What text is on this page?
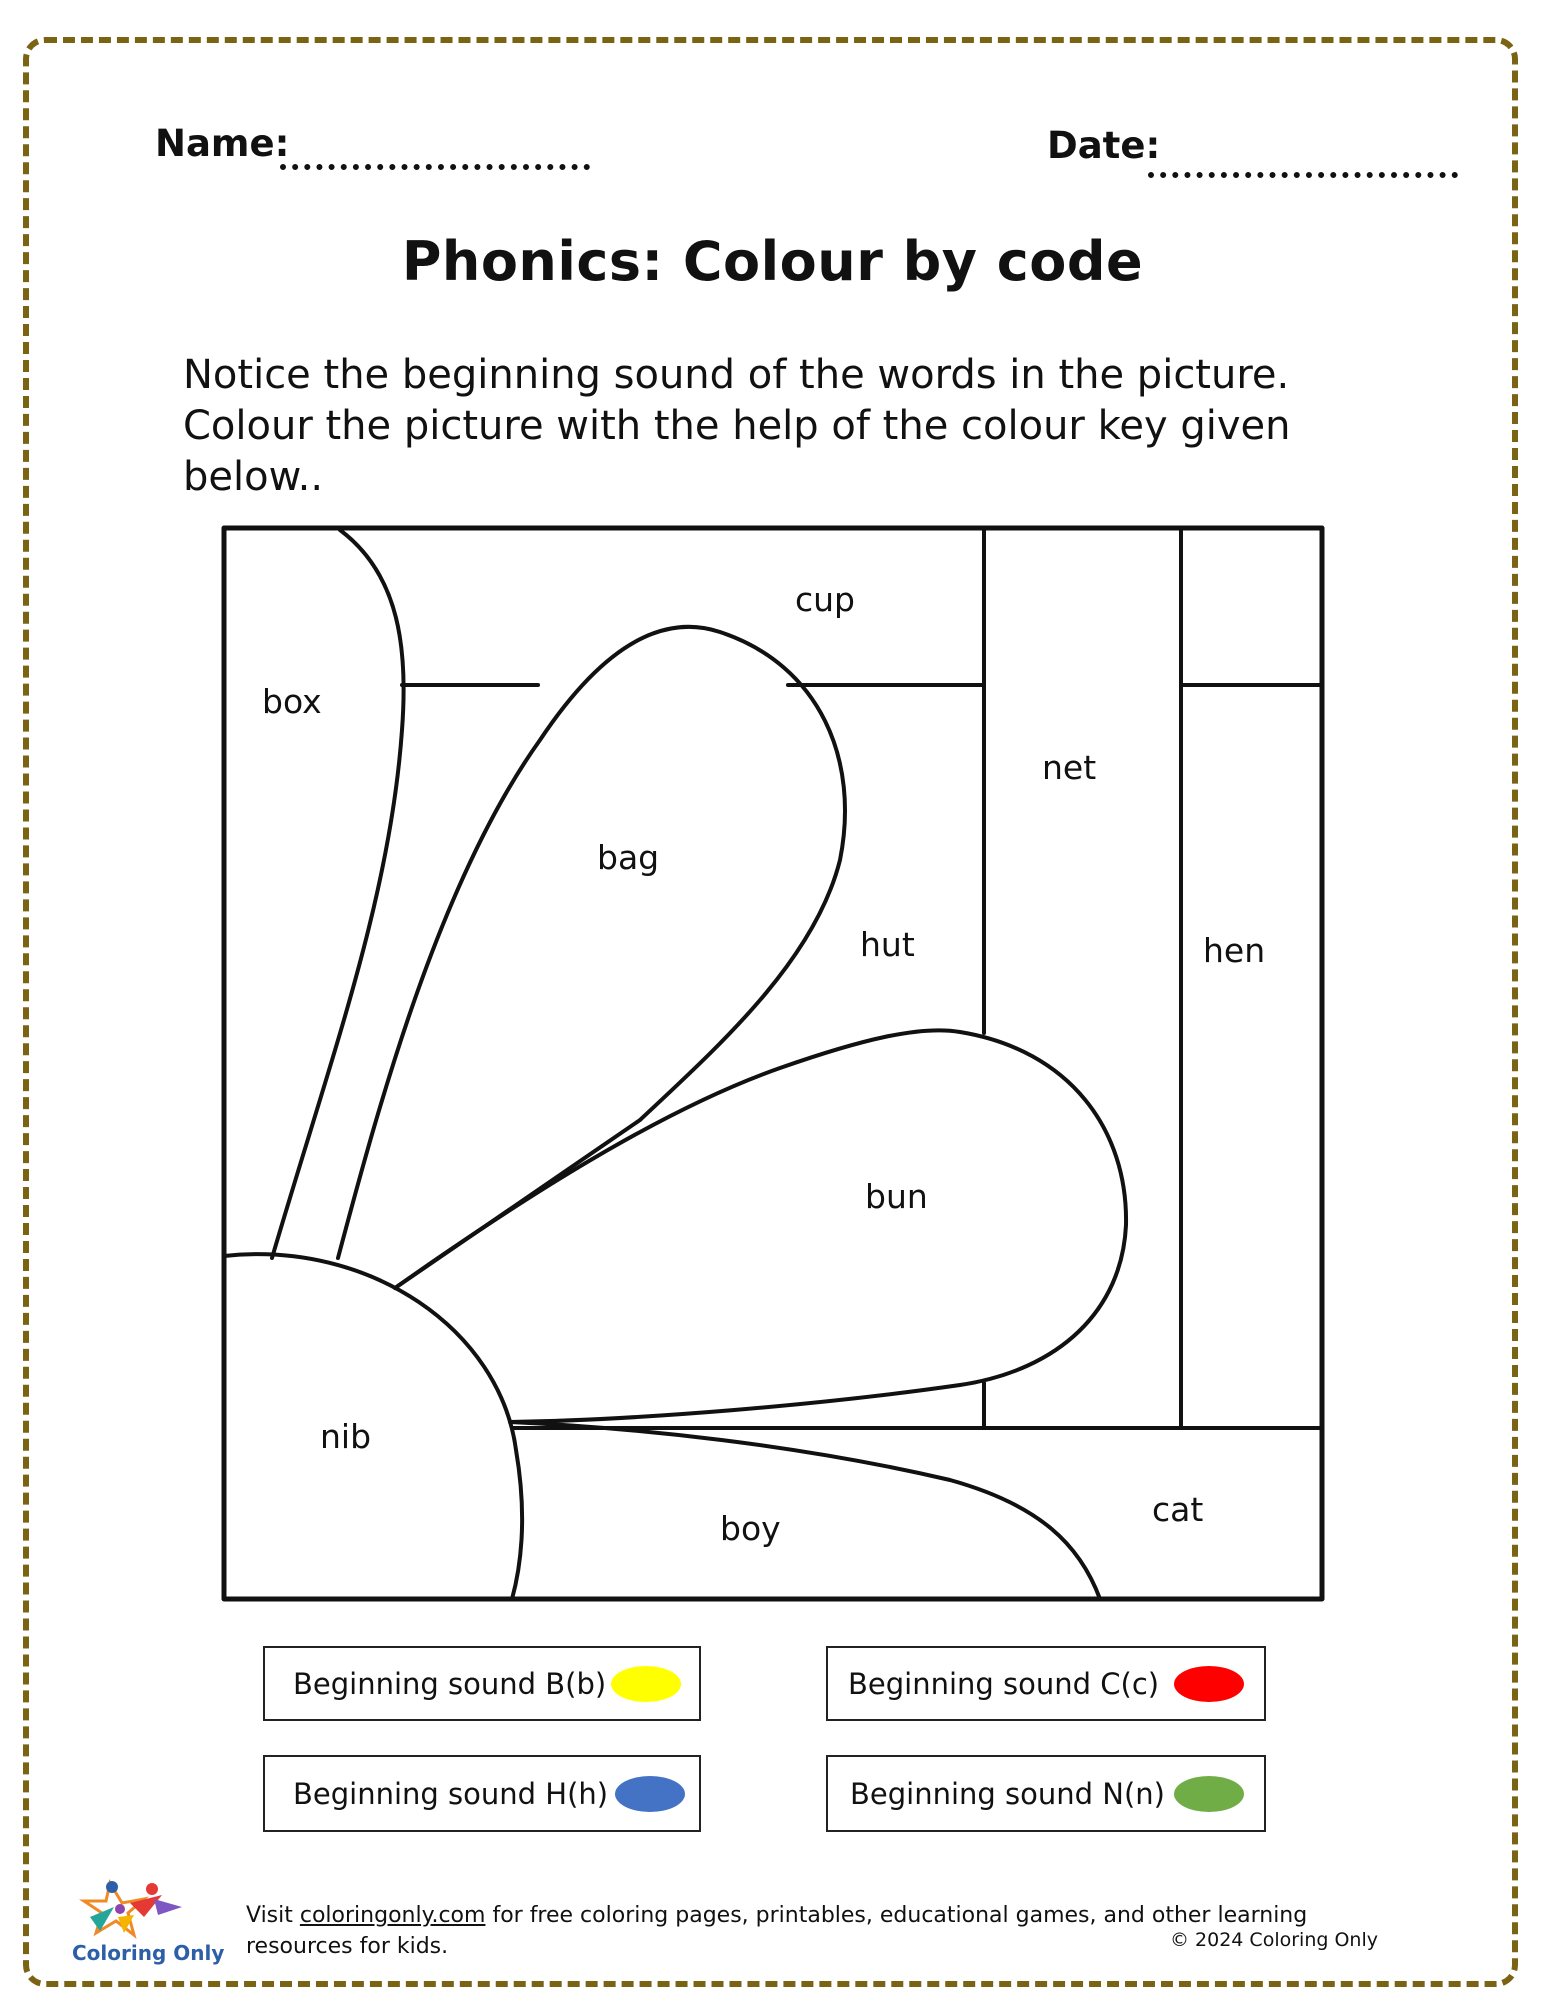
Name:	Date:
Phonics: Colour by code
Notice the beginning sound of the words in the picture. Colour the picture with the help of the colour key given below..
box
cup
net
bag
hut	hen
bun
nib
boy	cat
Beginning sound B(b)	Beginning sound C(c)
Beginning sound H(h)	Beginning sound N(n)
Coloring Only
Visit coloringonly.com for free coloring pages, printables, educational games, and other learning resources for kids.	© 2024 Coloring Only
